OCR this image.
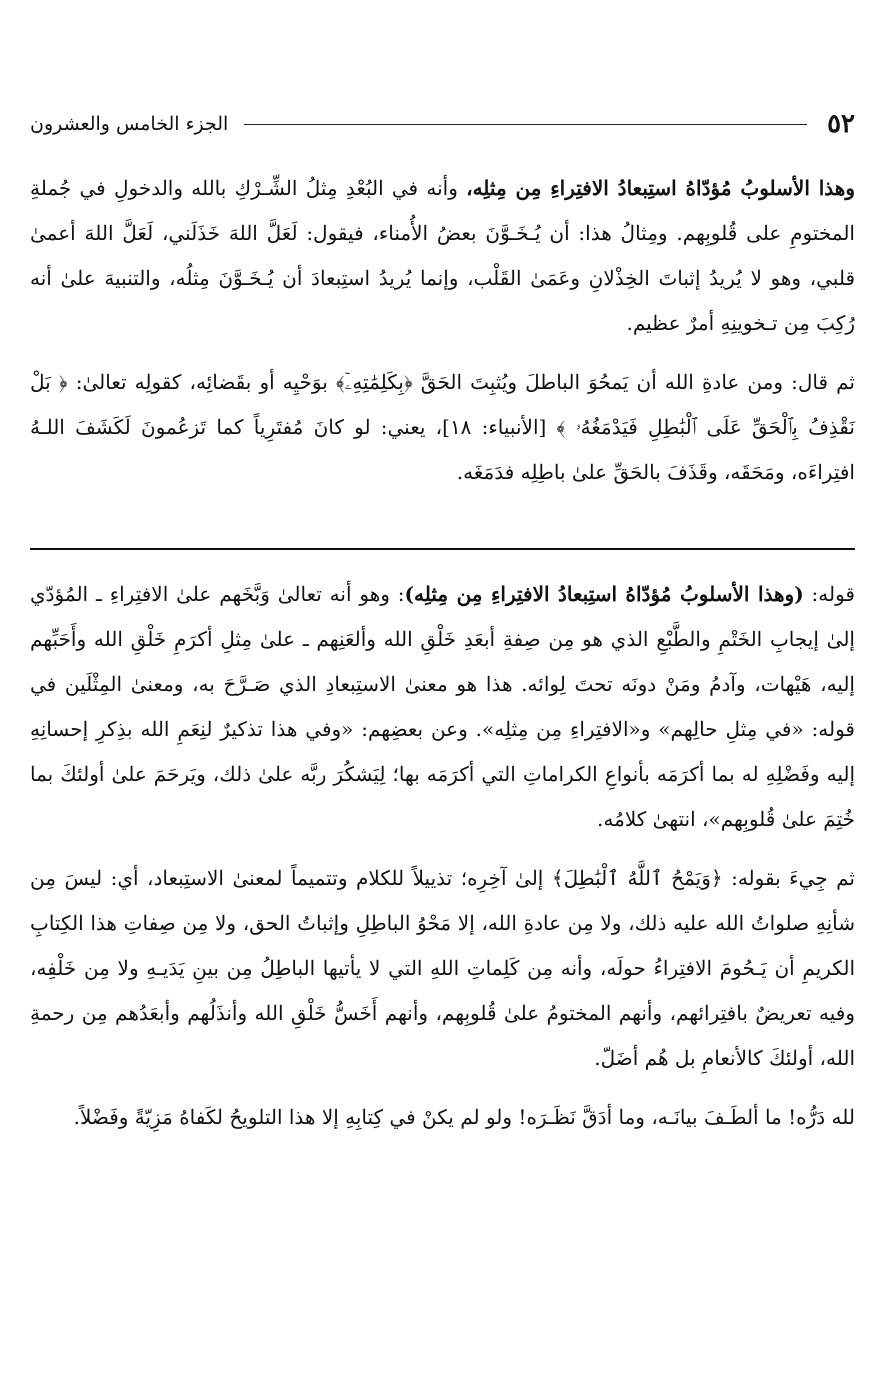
٥٢
الجزء الخامس والعشرون

وهذا الأسلوبُ مُؤدّاهُ استِبعادُ الافتِراءِ مِن مِثلِه، وأنه في البُعْدِ مِثلُ الشِّـرْكِ بالله والدخولِ في جُملةِ المختومِ على قُلوبِهم. ومِثالُ هذا: أن يُـخَـوَّنَ بعضُ الأُمناء، فيقول: لَعَلَّ اللهَ خَذَلَني، لَعَلَّ اللهَ أعمىٰ قلبي، وهو لا يُريدُ إثباتَ الخِذْلانِ وعَمَىٰ القَلْب، وإنما يُريدُ استِبعادَ أن يُـخَـوَّنَ مِثلُه، والتنبيهَ علىٰ أنه رُكِبَ مِن تـخوينِهِ أمرٌ عظيم.

ثم قال: ومن عادةِ الله أن يَمحُوَ الباطلَ ويُثبِتَ الحَقَّ ﴿بِكَلِمَٰتِهِۦٓ﴾ بوَحْيِه أو بقَضائِه، كقولِه تعالىٰ: ﴿ بَلْ نَقْذِفُ بِٱلْحَقِّ عَلَى ٱلْبَٰطِلِ فَيَدْمَغُهُۥ ﴾ [الأنبياء: ١٨]، يعني: لو كانَ مُفتَرِياً كما تَزعُمونَ لَكَشَفَ اللـهُ افتِراءَه، ومَحَقَه، وقَذَفَ بالحَقِّ علىٰ باطِلِه فدَمَغَه.

قوله: (وهذا الأسلوبُ مُؤدّاهُ استِبعادُ الافتِراءِ مِن مِثلِه): وهو أنه تعالىٰ وَبَّخَهم علىٰ الافتِراءِ ـ المُؤدّي إلىٰ إيجابِ الخَتْمِ والطَّبْعِ الذي هو مِن صِفةِ أبعَدِ خَلْقِ الله وألعَنِهم ـ علىٰ مِثلِ أكرَمِ خَلْقِ الله وأَحَبِّهم إليه، هَيْهات، وآدمُ ومَنْ دونَه تحتَ لِوائه. هذا هو معنىٰ الاستِبعادِ الذي صَـرَّحَ به، ومعنىٰ المِثْلَين في قوله: «في مِثلِ حالِهم» و«الافتِراءِ مِن مِثلِه». وعن بعضِهم: «وفي هذا تذكيرٌ لنِعَمِ الله بذِكرِ إحسانِهِ إليه وفَضْلِهِ له بما أكرَمَه بأنواعِ الكراماتِ التي أكرَمَه بها؛ لِيَشكُرَ ربَّه علىٰ ذلك، ويَرحَمَ علىٰ أولئكَ بما خُتِمَ علىٰ قُلوبِهم»، انتهىٰ كلامُه.

ثم جِيءَ بقوله: ﴿وَيَمْحُ ٱللَّهُ ٱلْبَٰطِلَ﴾ إلىٰ آخِرِه؛ تذييلاً للكلام وتتميماً لمعنىٰ الاستِبعاد، أي: ليسَ مِن شأنِهِ صلواتُ الله عليه ذلك، ولا مِن عادةِ الله، إلا مَحْوُ الباطِلِ وإثباتُ الحق، ولا مِن صِفاتِ هذا الكِتابِ الكريمِ أن يَـحُومَ الافتِراءُ حولَه، وأنه مِن كَلِماتِ اللهِ التي لا يأتيها الباطِلُ مِن بينِ يَدَيـهِ ولا مِن خَلْفِه، وفيه تعريضٌ بافتِرائهم، وأنهم المختومُ علىٰ قُلوبِهم، وأنهم أَخَسُّ خَلْقِ الله وأنذَلُهم وأبعَدُهم مِن رحمةِ الله، أولئكَ كالأنعامِ بل هُم أضَلّ.

لله دَرُّه! ما ألطَـفَ بيانَـه، وما أدَقَّ نَظَـرَه! ولو لم يكنْ في كِتابِهِ إلا هذا التلويحُ لكَفاهُ مَزِيّةً وفَضْلاً.
